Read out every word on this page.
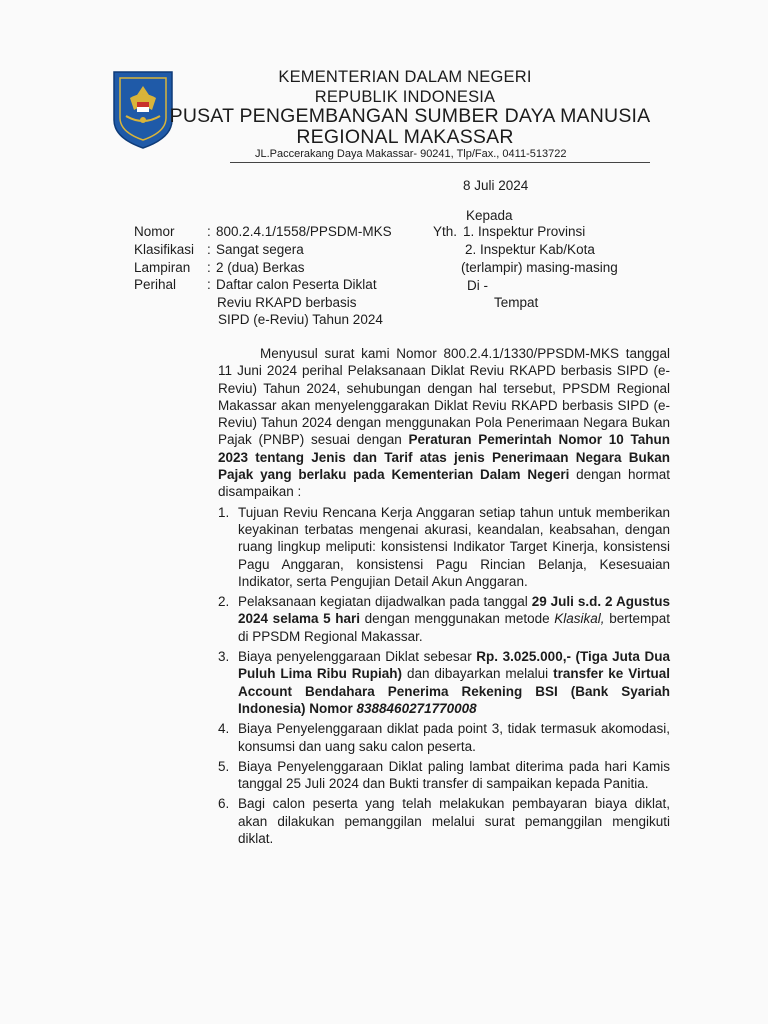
KEMENTERIAN DALAM NEGERI
REPUBLIK INDONESIA
PUSAT PENGEMBANGAN SUMBER DAYA MANUSIA
REGIONAL MAKASSAR
JL.Paccerakang Daya Makassar- 90241, Tlp/Fax., 0411-513722
8 Juli 2024
Kepada
Yth. 1. Inspektur Provinsi
2. Inspektur Kab/Kota
(terlampir) masing-masing
Di -
Tempat
Nomor : 800.2.4.1/1558/PPSDM-MKS
Klasifikasi : Sangat segera
Lampiran : 2 (dua) Berkas
Perihal : Daftar calon Peserta Diklat
Reviu RKAPD berbasis
SIPD (e-Reviu) Tahun 2024

Menyusul surat kami Nomor 800.2.4.1/1330/PPSDM-MKS tanggal 11 Juni 2024 perihal Pelaksanaan Diklat Reviu RKAPD berbasis SIPD (e-Reviu) Tahun 2024, sehubungan dengan hal tersebut, PPSDM Regional Makassar akan menyelenggarakan Diklat Reviu RKAPD berbasis SIPD (e-Reviu) Tahun 2024 dengan menggunakan Pola Penerimaan Negara Bukan Pajak (PNBP) sesuai dengan Peraturan Pemerintah Nomor 10 Tahun 2023 tentang Jenis dan Tarif atas jenis Penerimaan Negara Bukan Pajak yang berlaku pada Kementerian Dalam Negeri dengan hormat disampaikan :

1. Tujuan Reviu Rencana Kerja Anggaran setiap tahun untuk memberikan keyakinan terbatas mengenai akurasi, keandalan, keabsahan, dengan ruang lingkup meliputi: konsistensi Indikator Target Kinerja, konsistensi Pagu Anggaran, konsistensi Pagu Rincian Belanja, Kesesuaian Indikator, serta Pengujian Detail Akun Anggaran.
2. Pelaksanaan kegiatan dijadwalkan pada tanggal 29 Juli s.d. 2 Agustus 2024 selama 5 hari dengan menggunakan metode Klasikal, bertempat di PPSDM Regional Makassar.
3. Biaya penyelenggaraan Diklat sebesar Rp. 3.025.000,- (Tiga Juta Dua Puluh Lima Ribu Rupiah) dan dibayarkan melalui transfer ke Virtual Account Bendahara Penerima Rekening BSI (Bank Syariah Indonesia) Nomor 8388460271770008
4. Biaya Penyelenggaraan diklat pada point 3, tidak termasuk akomodasi, konsumsi dan uang saku calon peserta.
5. Biaya Penyelenggaraan Diklat paling lambat diterima pada hari Kamis tanggal 25 Juli 2024 dan Bukti transfer di sampaikan kepada Panitia.
6. Bagi calon peserta yang telah melakukan pembayaran biaya diklat, akan dilakukan pemanggilan melalui surat pemanggilan mengikuti diklat.
